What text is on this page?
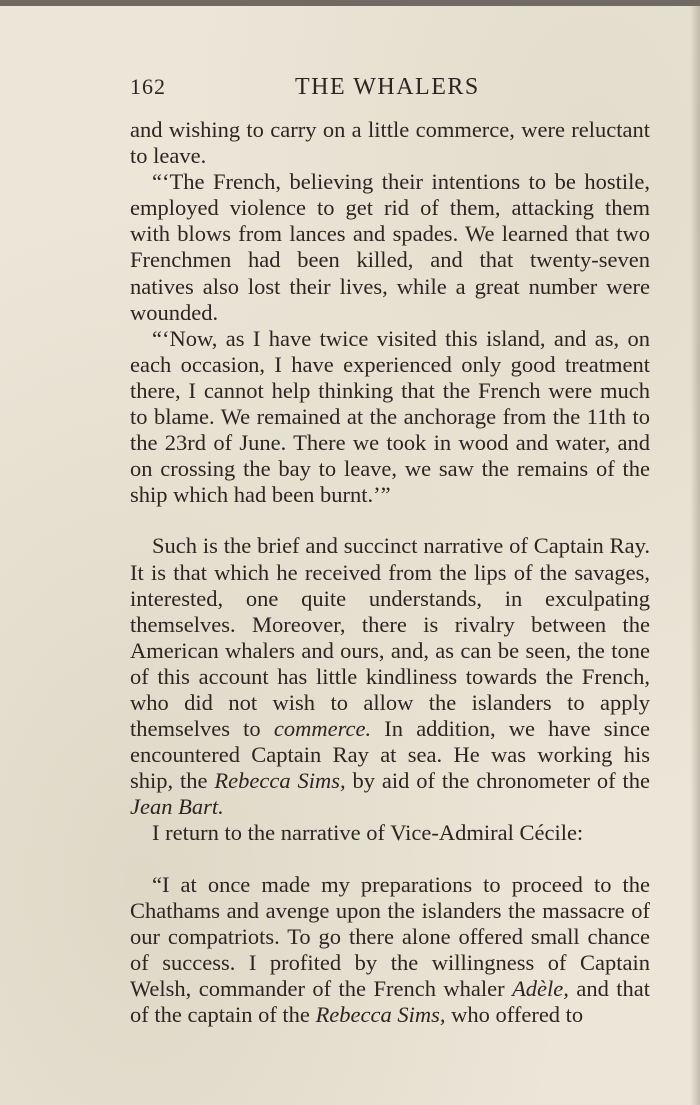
162	THE WHALERS

and wishing to carry on a little commerce, were reluctant to leave.

“‘The French, believing their intentions to be hostile, employed violence to get rid of them, attacking them with blows from lances and spades. We learned that two Frenchmen had been killed, and that twenty-seven natives also lost their lives, while a great number were wounded.

“‘Now, as I have twice visited this island, and as, on each occasion, I have experienced only good treatment there, I cannot help thinking that the French were much to blame. We remained at the anchorage from the 11th to the 23rd of June. There we took in wood and water, and on crossing the bay to leave, we saw the remains of the ship which had been burnt.’”

Such is the brief and succinct narrative of Captain Ray. It is that which he received from the lips of the savages, interested, one quite understands, in exculpating themselves. Moreover, there is rivalry between the American whalers and ours, and, as can be seen, the tone of this account has little kindliness towards the French, who did not wish to allow the islanders to apply themselves to commerce. In addition, we have since encountered Captain Ray at sea. He was working his ship, the Rebecca Sims, by aid of the chronometer of the Jean Bart.

I return to the narrative of Vice-Admiral Cécile:

“I at once made my preparations to proceed to the Chathams and avenge upon the islanders the massacre of our compatriots. To go there alone offered small chance of success. I profited by the willingness of Captain Welsh, commander of the French whaler Adèle, and that of the captain of the Rebecca Sims, who offered to
